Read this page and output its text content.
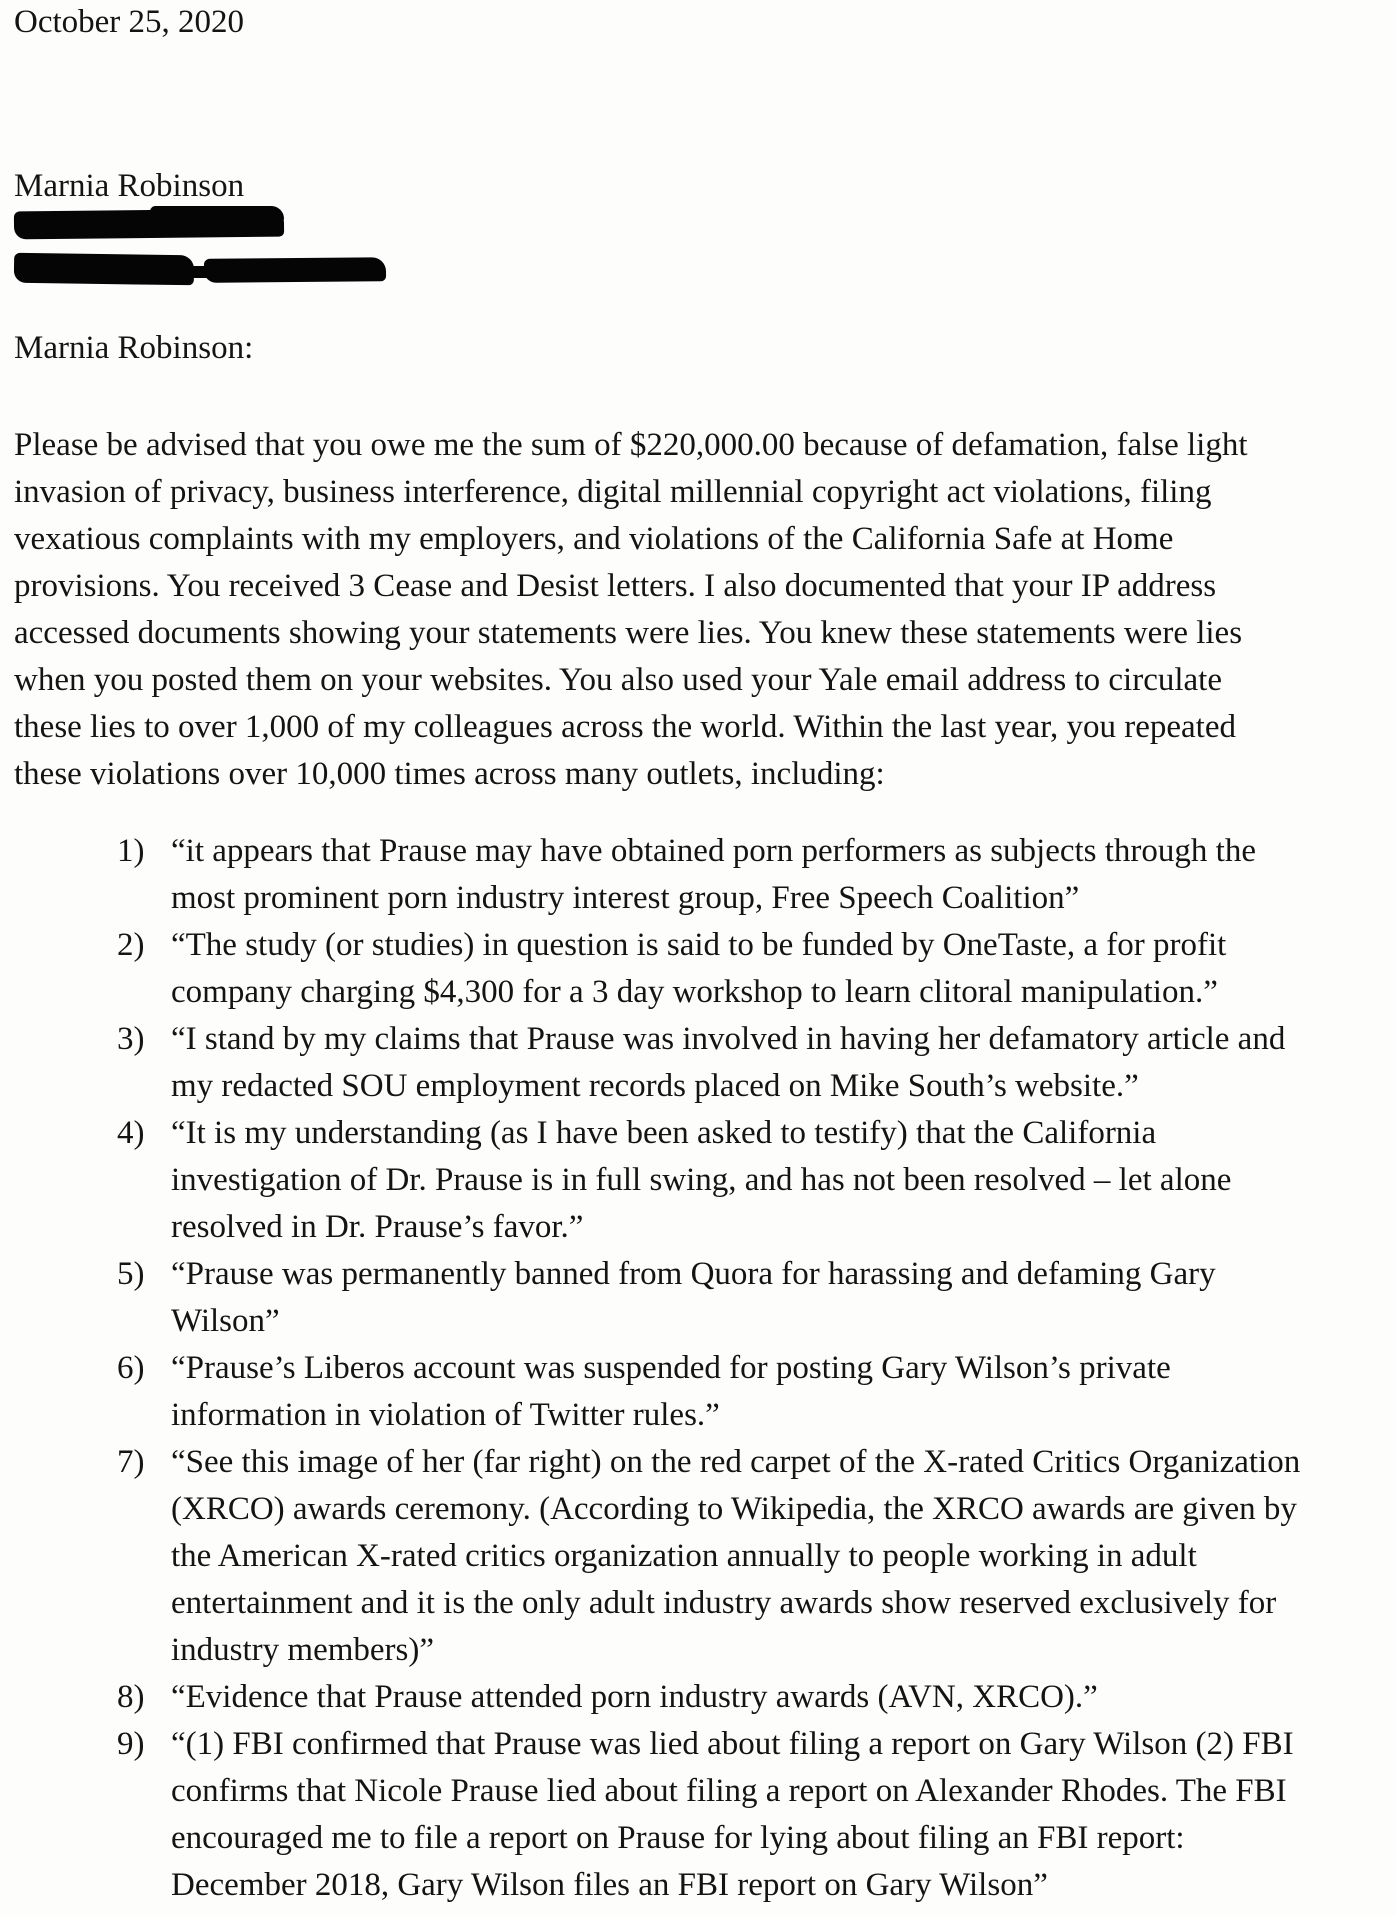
October 25, 2020
Marnia Robinson
Marnia Robinson:

Please be advised that you owe me the sum of $220,000.00 because of defamation, false light
invasion of privacy, business interference, digital millennial copyright act violations, filing
vexatious complaints with my employers, and violations of the California Safe at Home
provisions. You received 3 Cease and Desist letters. I also documented that your IP address
accessed documents showing your statements were lies. You knew these statements were lies
when you posted them on your websites. You also used your Yale email address to circulate
these lies to over 1,000 of my colleagues across the world. Within the last year, you repeated
these violations over 10,000 times across many outlets, including:

1) “it appears that Prause may have obtained porn performers as subjects through the
most prominent porn industry interest group, Free Speech Coalition”
2) “The study (or studies) in question is said to be funded by OneTaste, a for profit
company charging $4,300 for a 3 day workshop to learn clitoral manipulation.”
3) “I stand by my claims that Prause was involved in having her defamatory article and
my redacted SOU employment records placed on Mike South’s website.”
4) “It is my understanding (as I have been asked to testify) that the California
investigation of Dr. Prause is in full swing, and has not been resolved – let alone
resolved in Dr. Prause’s favor.”
5) “Prause was permanently banned from Quora for harassing and defaming Gary
Wilson”
6) “Prause’s Liberos account was suspended for posting Gary Wilson’s private
information in violation of Twitter rules.”
7) “See this image of her (far right) on the red carpet of the X-rated Critics Organization
(XRCO) awards ceremony. (According to Wikipedia, the XRCO awards are given by
the American X-rated critics organization annually to people working in adult
entertainment and it is the only adult industry awards show reserved exclusively for
industry members)”
8) “Evidence that Prause attended porn industry awards (AVN, XRCO).”
9) “(1) FBI confirmed that Prause was lied about filing a report on Gary Wilson (2) FBI
confirms that Nicole Prause lied about filing a report on Alexander Rhodes. The FBI
encouraged me to file a report on Prause for lying about filing an FBI report:
December 2018, Gary Wilson files an FBI report on Gary Wilson”
